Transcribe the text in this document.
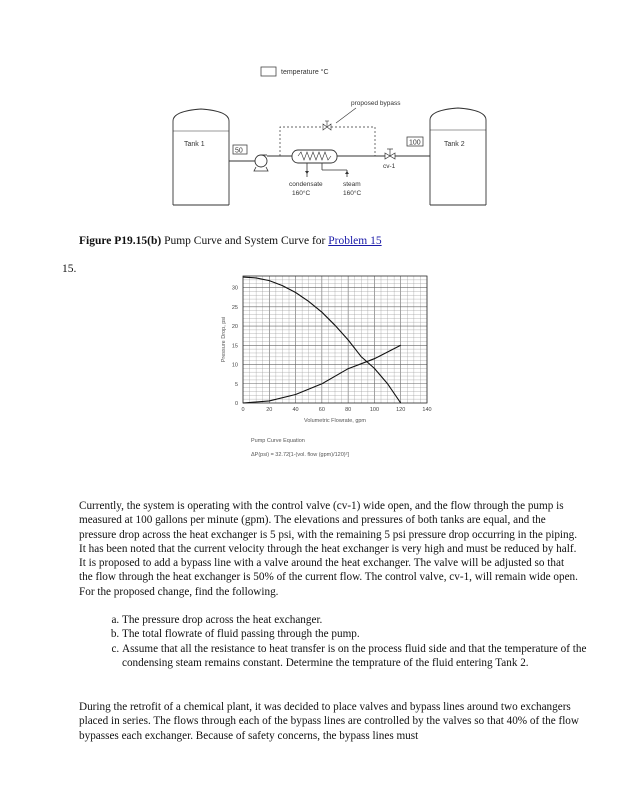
temperature °C
Tank 1	Tank 2
50
100
condensate
160°C
steam
160°C
proposed bypass
cv-1
Figure P19.15(b) Pump Curve and System Curve for Problem 15
15.
0	20	40	60	80	100	120	140
0
5
10
15
20
25
30
Volumetric Flowrate, gpm
Pressure Drop, psi
Pump Curve Equation
ΔP(psi) = 32.72[1-(vol. flow (gpm)/120)²]
Currently, the system is operating with the control valve (cv-1) wide open, and the flow through the pump is measured at 100 gallons per minute (gpm). The elevations and pressures of both tanks are equal, and the pressure drop across the heat exchanger is 5 psi, with the remaining 5 psi pressure drop occurring in the piping. It has been noted that the current velocity through the heat exchanger is very high and must be reduced by half. It is proposed to add a bypass line with a valve around the heat exchanger. The valve will be adjusted so that the flow through the heat exchanger is 50% of the current flow. The control valve, cv-1, will remain wide open. For the proposed change, find the following.
a. The pressure drop across the heat exchanger.
b. The total flowrate of fluid passing through the pump.
c. Assume that all the resistance to heat transfer is on the process fluid side and that the temperature of the condensing steam remains constant. Determine the temprature of the fluid entering Tank 2.
During the retrofit of a chemical plant, it was decided to place valves and bypass lines around two exchangers placed in series. The flows through each of the bypass lines are controlled by the valves so that 40% of the flow bypasses each exchanger. Because of safety concerns, the bypass lines must
